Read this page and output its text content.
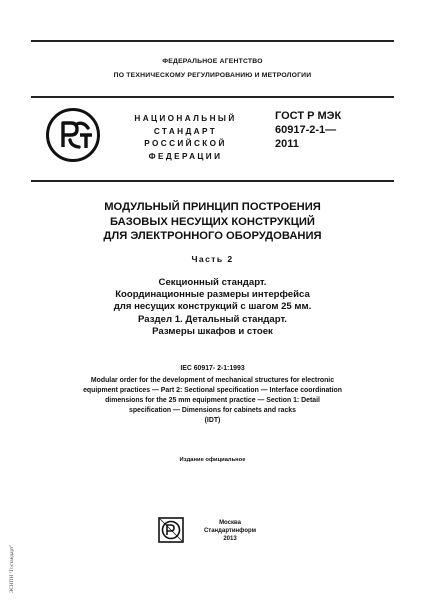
ФЕДЕРАЛЬНОЕ АГЕНТСТВО
ПО ТЕХНИЧЕСКОМУ РЕГУЛИРОВАНИЮ И МЕТРОЛОГИИ
НАЦИОНАЛЬНЫЙ
СТАНДАРТ
РОССИЙСКОЙ
ФЕДЕРАЦИИ
ГОСТ Р МЭК
60917-2-1—
2011
МОДУЛЬНЫЙ ПРИНЦИП ПОСТРОЕНИЯ
БАЗОВЫХ НЕСУЩИХ КОНСТРУКЦИЙ
ДЛЯ ЭЛЕКТРОННОГО ОБОРУДОВАНИЯ
Часть 2
Секционный стандарт.
Координационные размеры интерфейса
для несущих конструкций с шагом 25 мм.
Раздел 1. Детальный стандарт.
Размеры шкафов и стоек
IEC 60917- 2-1:1993
Modular order for the development of mechanical structures for electronic
equipment practices — Part 2: Sectional specification — Interface coordination
dimensions for the 25 mm equipment practice — Section 1: Detail
specification — Dimensions for cabinets and racks
(IDT)
Издание официальное
Москва
Стандартинформ
2013
ЭСНПН "Гостандарт"
